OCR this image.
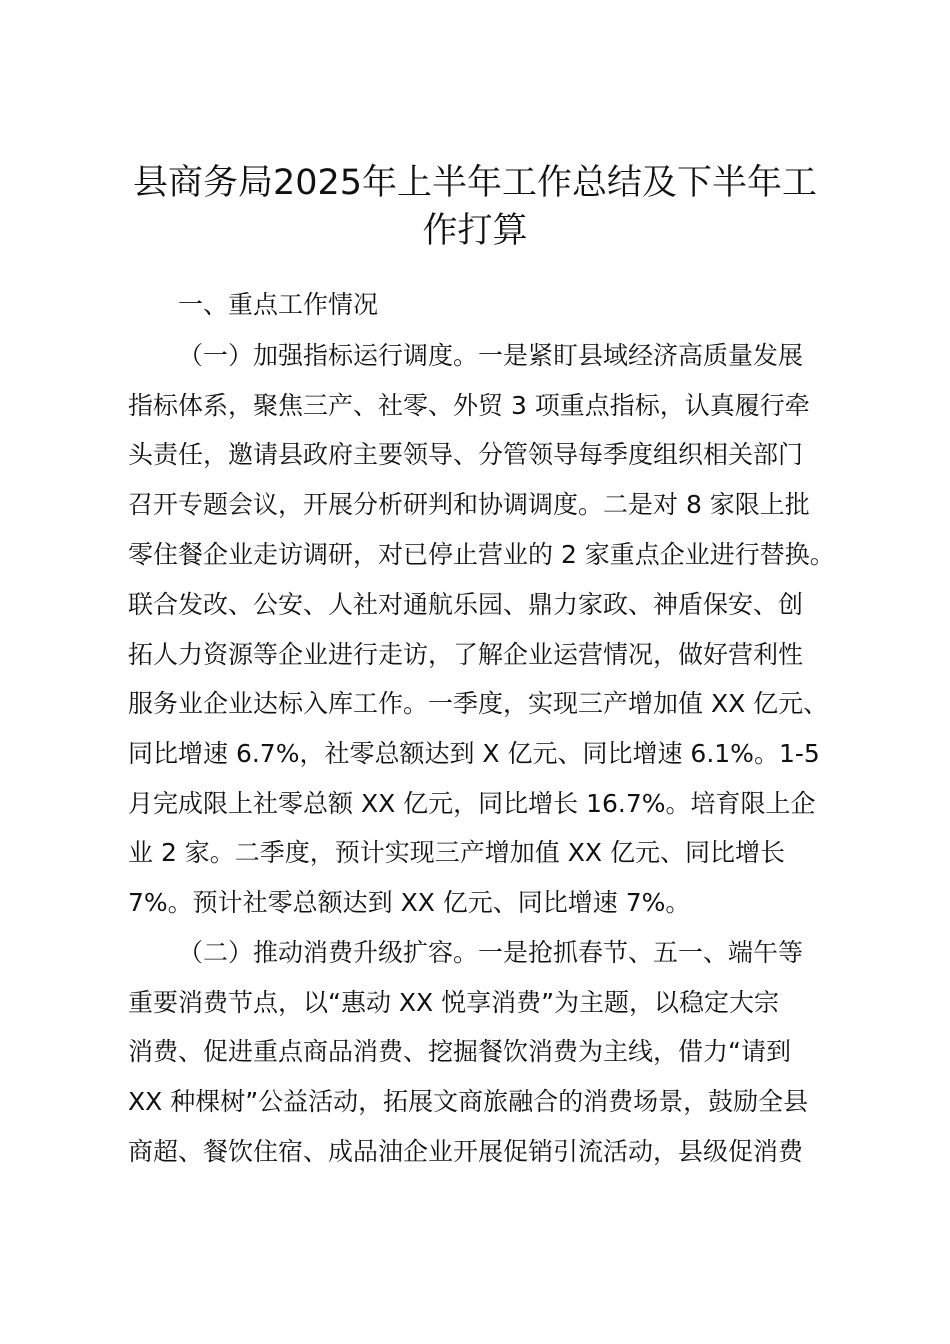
县商务局2025年上半年工作总结及下半年工
作打算

一、重点工作情况

（一）加强指标运行调度。一是紧盯县域经济高质量发展

指标体系，聚焦三产、社零、外贸 3 项重点指标，认真履行牵

头责任，邀请县政府主要领导、分管领导每季度组织相关部门

召开专题会议，开展分析研判和协调调度。二是对 8 家限上批

零住餐企业走访调研，对已停止营业的 2 家重点企业进行替换。

联合发改、公安、人社对通航乐园、鼎力家政、神盾保安、创

拓人力资源等企业进行走访，了解企业运营情况，做好营利性

服务业企业达标入库工作。一季度，实现三产增加值 XX 亿元、

同比增速 6.7%，社零总额达到 X 亿元、同比增速 6.1%。1-5

月完成限上社零总额 XX 亿元，同比增长 16.7%。培育限上企

业 2 家。二季度，预计实现三产增加值 XX 亿元、同比增长

7%。预计社零总额达到 XX 亿元、同比增速 7%。

（二）推动消费升级扩容。一是抢抓春节、五一、端午等

重要消费节点，以“惠动 XX 悦享消费”为主题，以稳定大宗

消费、促进重点商品消费、挖掘餐饮消费为主线，借力“请到

XX 种棵树”公益活动，拓展文商旅融合的消费场景，鼓励全县

商超、餐饮住宿、成品油企业开展促销引流活动，县级促消费
